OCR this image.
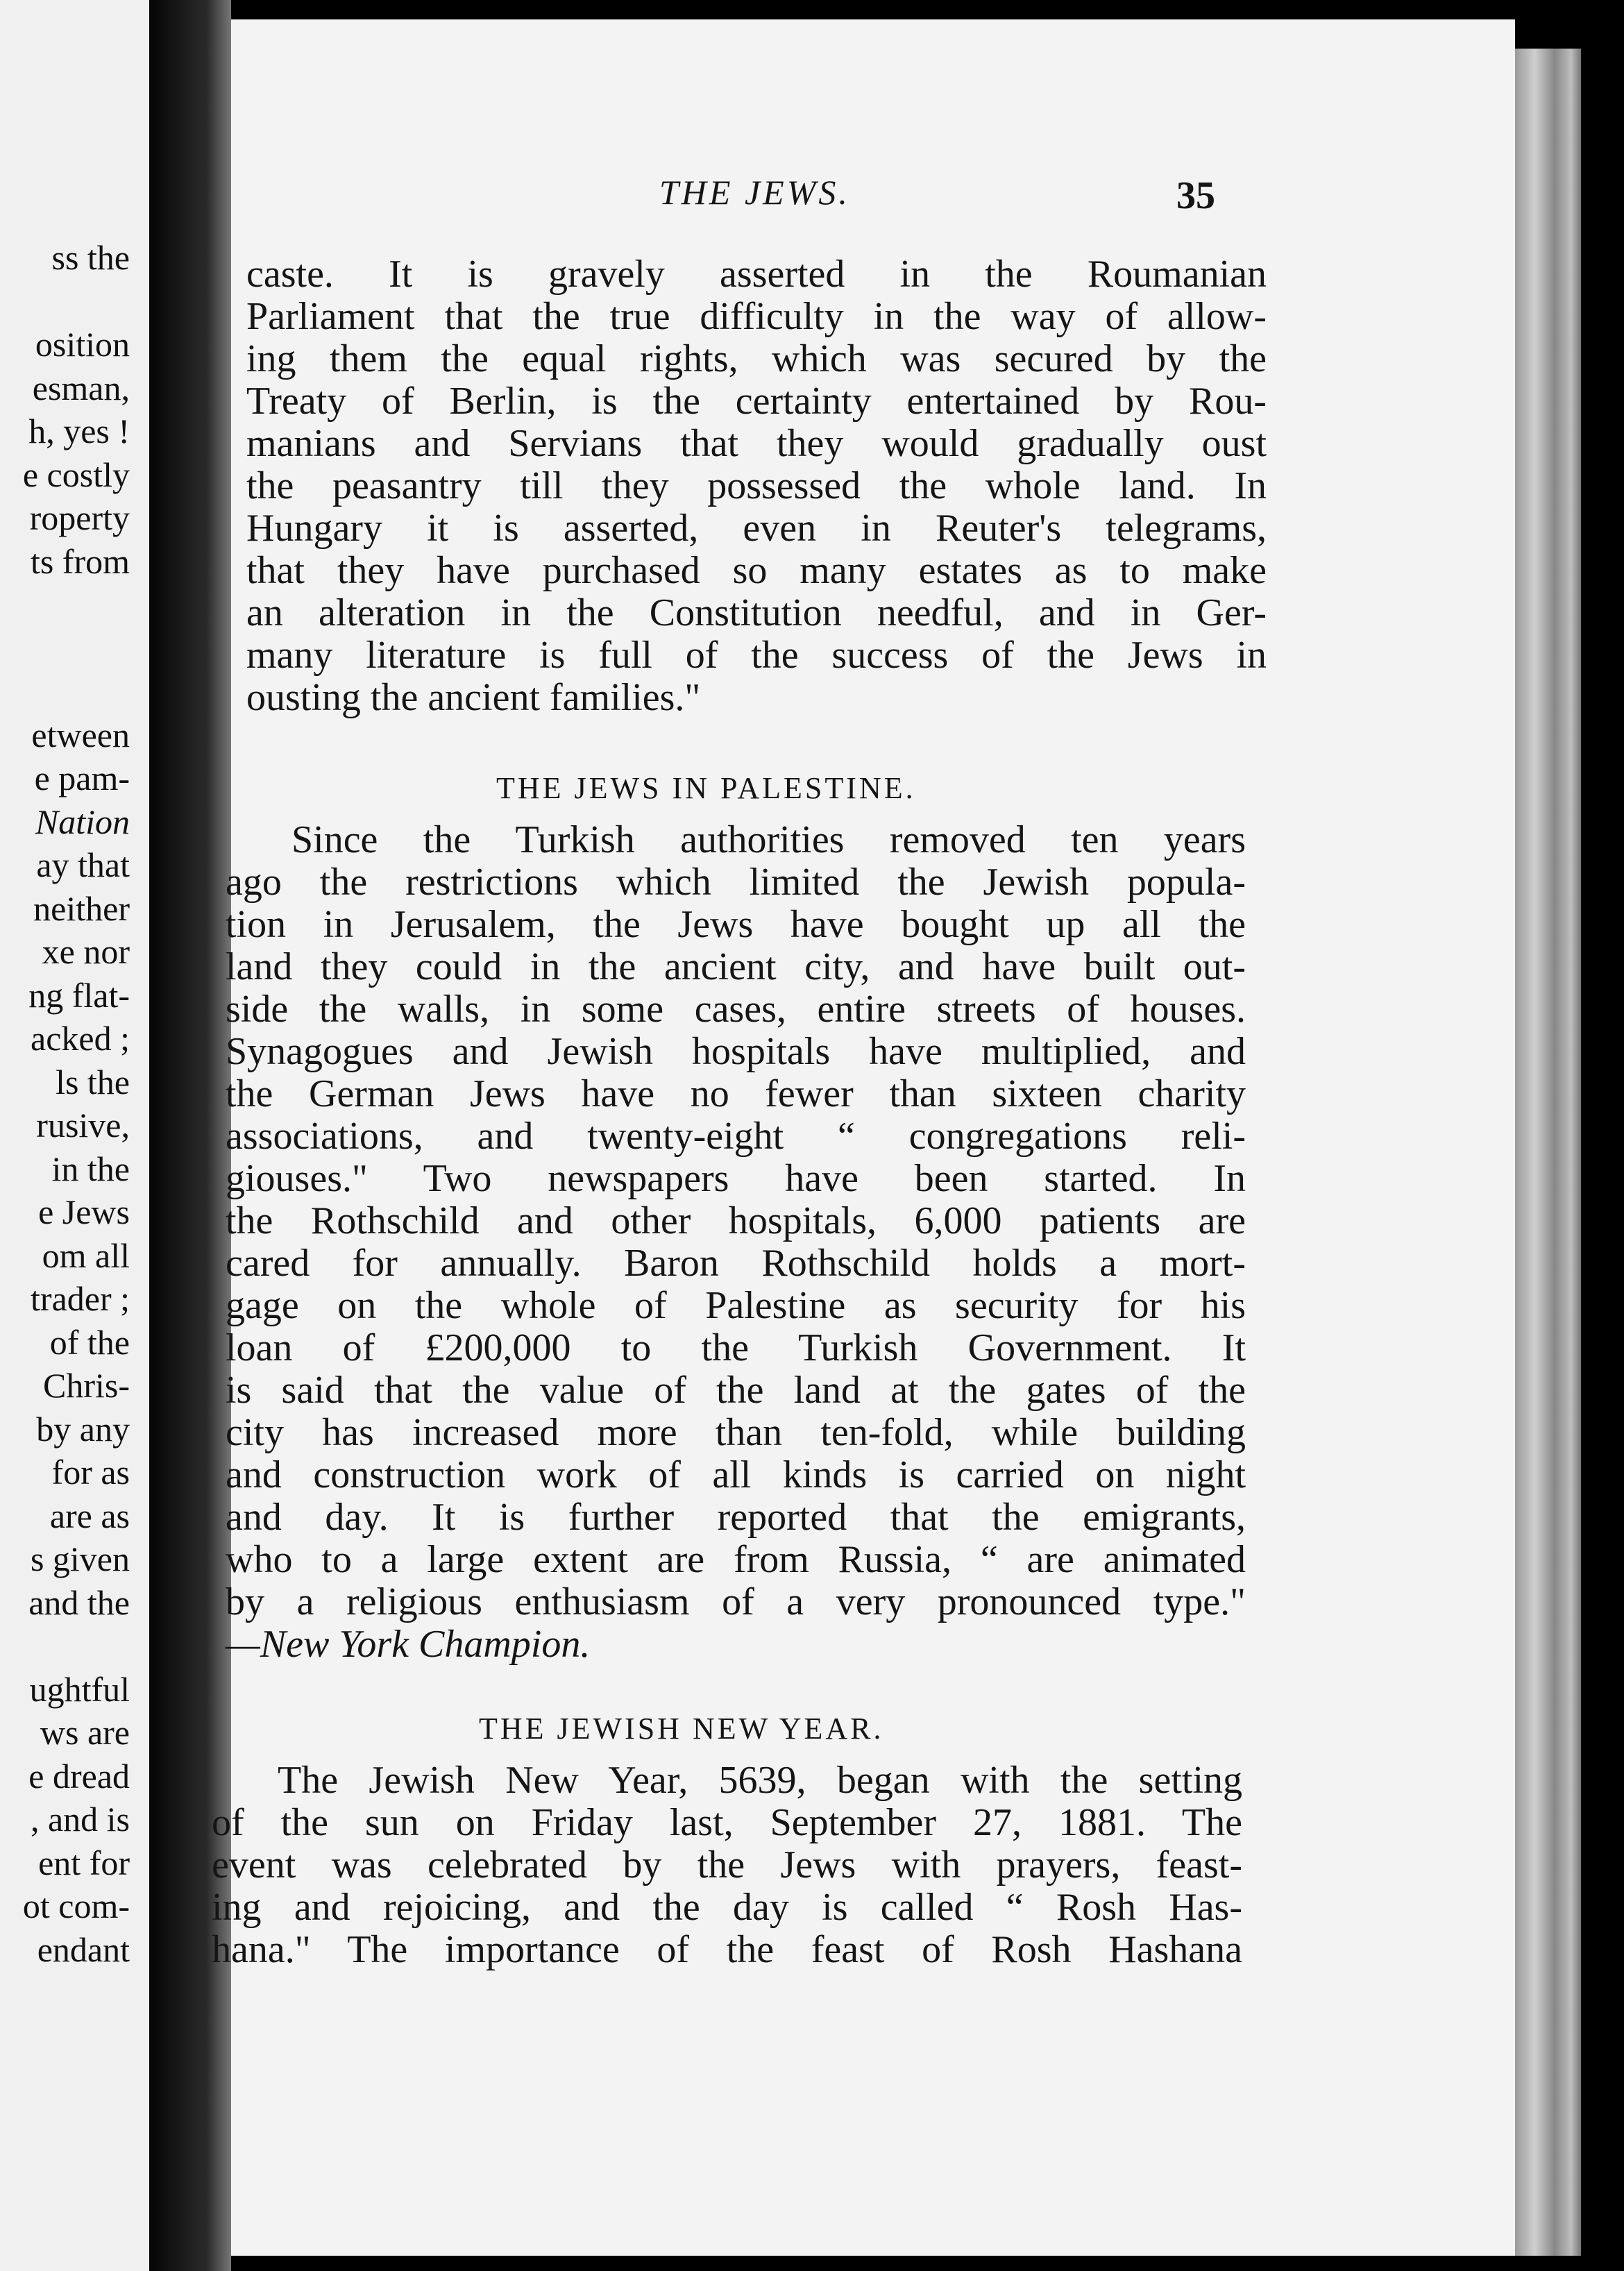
ss the
osition
esman,
h, yes !
e costly
roperty
ts from
etween
e pam-
Nation
ay that
neither
xe nor
ng flat-
acked ;
ls the
rusive,
in the
e Jews
om all
trader ;
of the
Chris-
by any
for as
are as
s given
and the
ughtful
ws are
e dread
, and is
ent for
ot com-
endant
THE JEWS.	35
caste. It is gravely asserted in the Roumanian
Parliament that the true difficulty in the way of allow-
ing them the equal rights, which was secured by the
Treaty of Berlin, is the certainty entertained by Rou-
manians and Servians that they would gradually oust
the peasantry till they possessed the whole land. In
Hungary it is asserted, even in Reuter's telegrams,
that they have purchased so many estates as to make
an alteration in the Constitution needful, and in Ger-
many literature is full of the success of the Jews in
ousting the ancient families."
THE JEWS IN PALESTINE.
Since the Turkish authorities removed ten years
ago the restrictions which limited the Jewish popula-
tion in Jerusalem, the Jews have bought up all the
land they could in the ancient city, and have built out-
side the walls, in some cases, entire streets of houses.
Synagogues and Jewish hospitals have multiplied, and
the German Jews have no fewer than sixteen charity
associations, and twenty-eight “ congregations reli-
giouses." Two newspapers have been started. In
the Rothschild and other hospitals, 6,000 patients are
cared for annually. Baron Rothschild holds a mort-
gage on the whole of Palestine as security for his
loan of £200,000 to the Turkish Government. It
is said that the value of the land at the gates of the
city has increased more than ten-fold, while building
and construction work of all kinds is carried on night
and day. It is further reported that the emigrants,
who to a large extent are from Russia, “ are animated
by a religious enthusiasm of a very pronounced type."
—New York Champion.
THE JEWISH NEW YEAR.
The Jewish New Year, 5639, began with the setting
of the sun on Friday last, September 27, 1881. The
event was celebrated by the Jews with prayers, feast-
ing and rejoicing, and the day is called “ Rosh Has-
hana." The importance of the feast of Rosh Hashana
